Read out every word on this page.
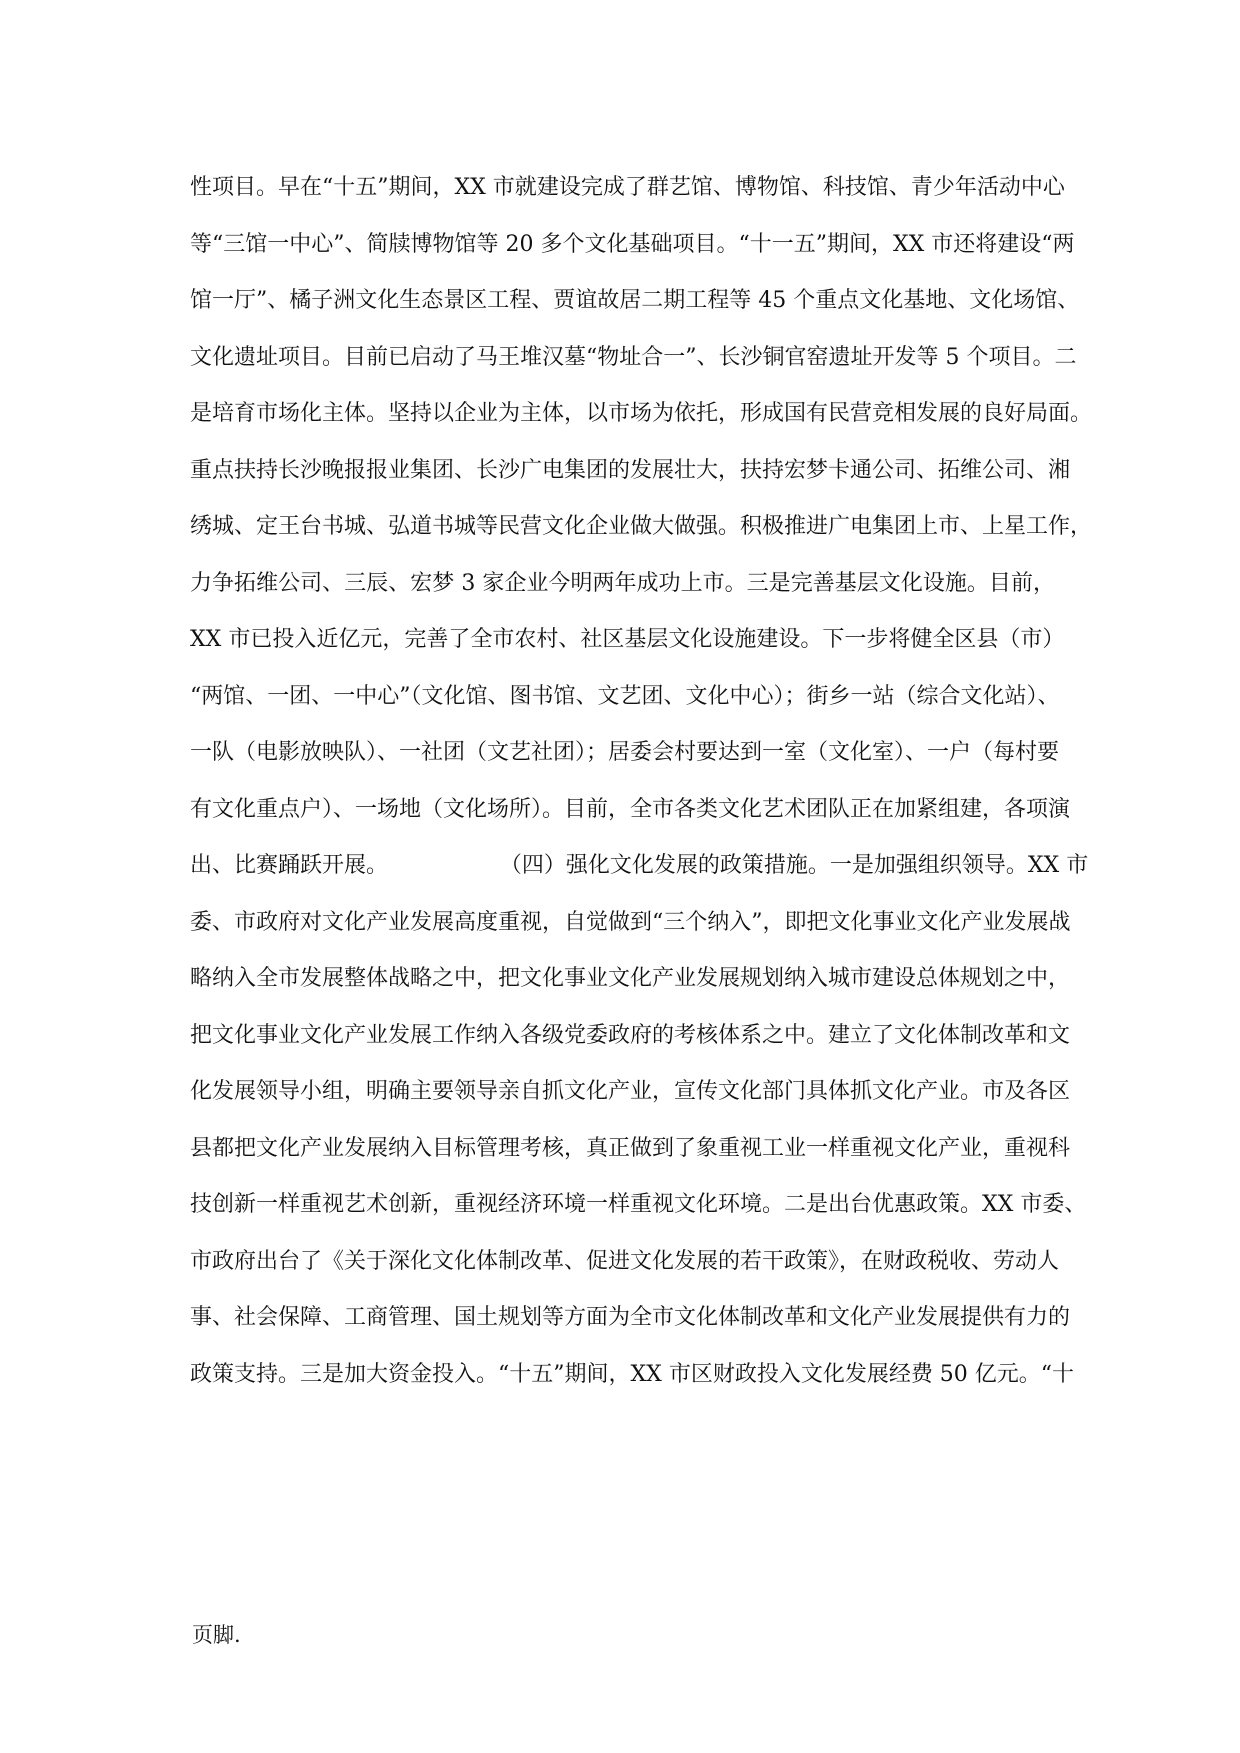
性项目。早在“十五”期间，XX 市就建设完成了群艺馆、博物馆、科技馆、青少年活动中心
等“三馆一中心”、简牍博物馆等 20 多个文化基础项目。“十一五”期间，XX 市还将建设“两
馆一厅”、橘子洲文化生态景区工程、贾谊故居二期工程等 45 个重点文化基地、文化场馆、
文化遗址项目。目前已启动了马王堆汉墓“物址合一”、长沙铜官窑遗址开发等 5 个项目。二
是培育市场化主体。坚持以企业为主体，以市场为依托，形成国有民营竞相发展的良好局面。
重点扶持长沙晚报报业集团、长沙广电集团的发展壮大，扶持宏梦卡通公司、拓维公司、湘
绣城、定王台书城、弘道书城等民营文化企业做大做强。积极推进广电集团上市、上星工作，
力争拓维公司、三辰、宏梦 3 家企业今明两年成功上市。三是完善基层文化设施。目前，
XX 市已投入近亿元，完善了全市农村、社区基层文化设施建设。下一步将健全区县（市）
“两馆、一团、一中心”（文化馆、图书馆、文艺团、文化中心）；街乡一站（综合文化站）、
一队（电影放映队）、一社团（文艺社团）；居委会村要达到一室（文化室）、一户（每村要
有文化重点户）、一场地（文化场所）。目前，全市各类文化艺术团队正在加紧组建，各项演
出、比赛踊跃开展。                （四）强化文化发展的政策措施。一是加强组织领导。XX 市
委、市政府对文化产业发展高度重视，自觉做到“三个纳入”，即把文化事业文化产业发展战
略纳入全市发展整体战略之中，把文化事业文化产业发展规划纳入城市建设总体规划之中，
把文化事业文化产业发展工作纳入各级党委政府的考核体系之中。建立了文化体制改革和文
化发展领导小组，明确主要领导亲自抓文化产业，宣传文化部门具体抓文化产业。市及各区
县都把文化产业发展纳入目标管理考核，真正做到了象重视工业一样重视文化产业，重视科
技创新一样重视艺术创新，重视经济环境一样重视文化环境。二是出台优惠政策。XX 市委、
市政府出台了《关于深化文化体制改革、促进文化发展的若干政策》，在财政税收、劳动人
事、社会保障、工商管理、国土规划等方面为全市文化体制改革和文化产业发展提供有力的
政策支持。三是加大资金投入。“十五”期间，XX 市区财政投入文化发展经费 50 亿元。“十
页脚.
